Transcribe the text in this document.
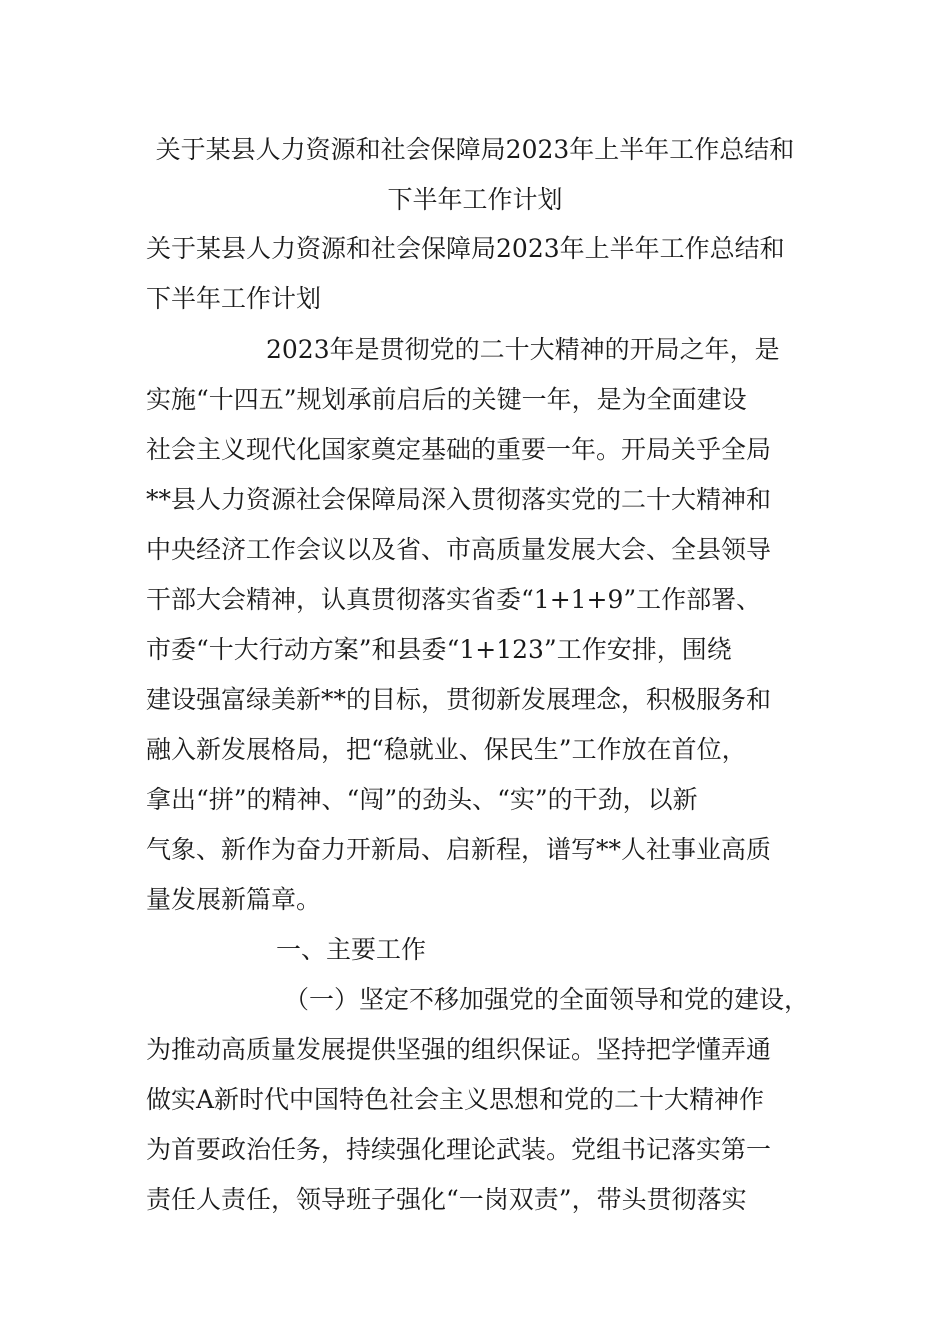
关于某县人力资源和社会保障局2023年上半年工作总结和
下半年工作计划
关于某县人力资源和社会保障局2023年上半年工作总结和
下半年工作计划
2023年是贯彻党的二十大精神的开局之年，是
实施“十四五”规划承前启后的关键一年，是为全面建设
社会主义现代化国家奠定基础的重要一年。开局关乎全局
**县人力资源社会保障局深入贯彻落实党的二十大精神和
中央经济工作会议以及省、市高质量发展大会、全县领导
干部大会精神，认真贯彻落实省委“1+1+9”工作部署、
市委“十大行动方案”和县委“1+123”工作安排，围绕
建设强富绿美新**的目标，贯彻新发展理念，积极服务和
融入新发展格局，把“稳就业、保民生”工作放在首位，
拿出“拼”的精神、“闯”的劲头、“实”的干劲，以新
气象、新作为奋力开新局、启新程，谱写**人社事业高质
量发展新篇章。
一、主要工作
（一）坚定不移加强党的全面领导和党的建设，
为推动高质量发展提供坚强的组织保证。坚持把学懂弄通
做实A新时代中国特色社会主义思想和党的二十大精神作
为首要政治任务，持续强化理论武装。党组书记落实第一
责任人责任，领导班子强化“一岗双责”，带头贯彻落实
